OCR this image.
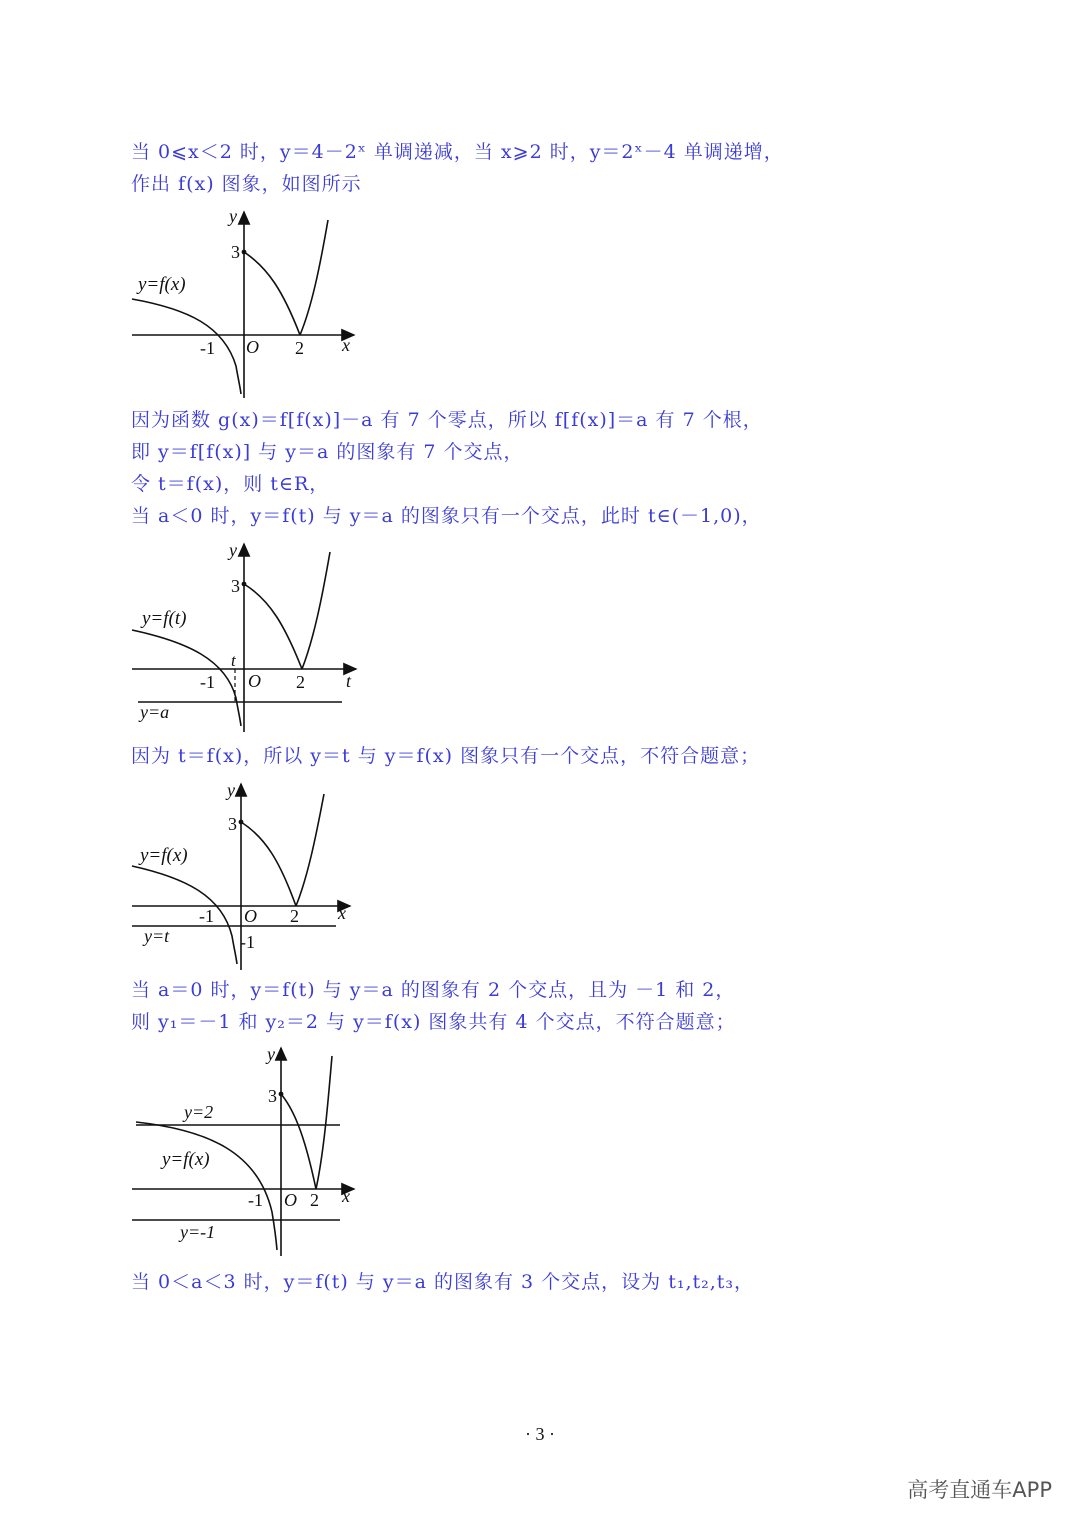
当 0⩽x＜2 时，y＝4－2ˣ 单调递减，当 x⩾2 时，y＝2ˣ－4 单调递增，

作出 f(x) 图象，如图所示

y=f(x)
y
x
O
3
-1	2

因为函数 g(x)＝f[f(x)]－a 有 7 个零点，所以 f[f(x)]＝a 有 7 个根，

即 y＝f[f(x)] 与 y＝a 的图象有 7 个交点，

令 t＝f(x)，则 t∈R，

当 a＜0 时，y＝f(t) 与 y＝a 的图象只有一个交点，此时 t∈(－1,0)，

y=f(t)
y
t
O
3
-1	2
t
y=a

因为 t＝f(x)，所以 y＝t 与 y＝f(x) 图象只有一个交点，不符合题意；

y=f(x)
y
x
O
3
-1	2
-1
y=t

当 a＝0 时，y＝f(t) 与 y＝a 的图象有 2 个交点，且为 －1 和 2，

则 y₁＝－1 和 y₂＝2 与 y＝f(x) 图象共有 4 个交点，不符合题意；

y=2
y=f(x)
y=-1
y
x
O
3
-1	2

当 0＜a＜3 时，y＝f(t) 与 y＝a 的图象有 3 个交点，设为 t₁,t₂,t₃，

· 3 ·
高考直通车APP
